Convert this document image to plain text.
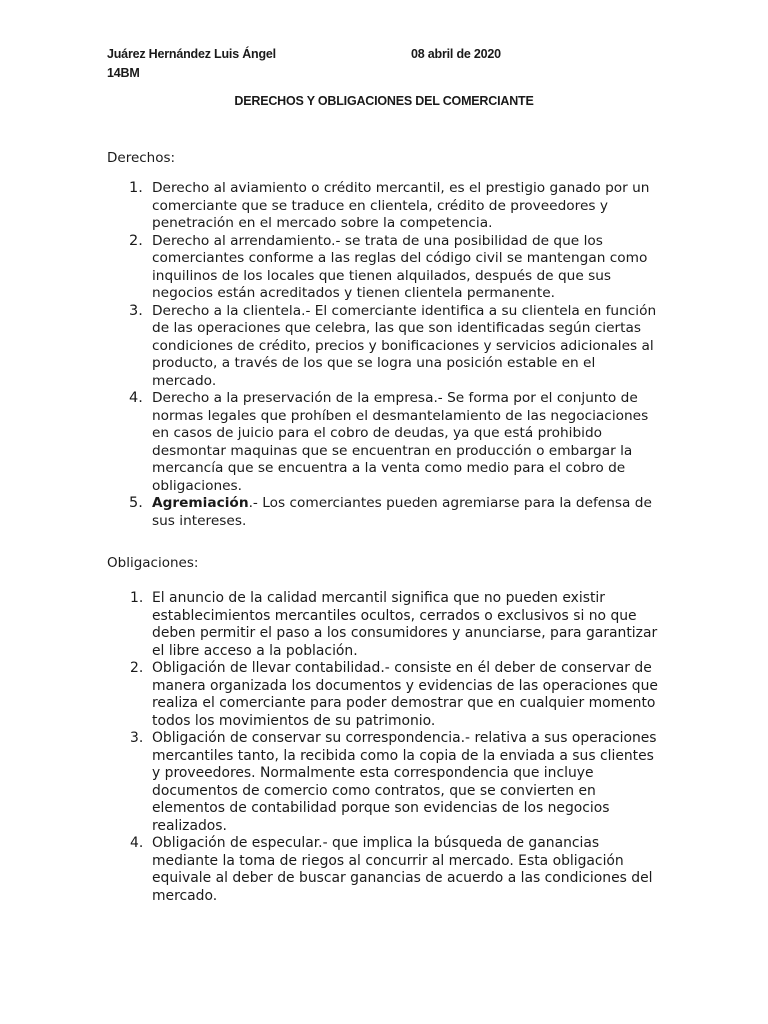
Juárez Hernández Luis Ángel
14BM
08 abril de 2020
DERECHOS Y OBLIGACIONES DEL COMERCIANTE
Derechos:
1. Derecho al aviamiento o crédito mercantil, es el prestigio ganado por un comerciante que se traduce en clientela, crédito de proveedores y penetración en el mercado sobre la competencia.
2. Derecho al arrendamiento.- se trata de una posibilidad de que los comerciantes conforme a las reglas del código civil se mantengan como inquilinos de los locales que tienen alquilados, después de que sus negocios están acreditados y tienen clientela permanente.
3. Derecho a la clientela.- El comerciante identifica a su clientela en función de las operaciones que celebra, las que son identificadas según ciertas condiciones de crédito, precios y bonificaciones y servicios adicionales al producto, a través de los que se logra una posición estable en el mercado.
4. Derecho a la preservación de la empresa.- Se forma por el conjunto de normas legales que prohíben el desmantelamiento de las negociaciones en casos de juicio para el cobro de deudas, ya que está prohibido desmontar maquinas que se encuentran en producción o embargar la mercancía que se encuentra a la venta como medio para el cobro de obligaciones.
5. Agremiación.- Los comerciantes pueden agremiarse para la defensa de sus intereses.
Obligaciones:
1. El anuncio de la calidad mercantil significa que no pueden existir establecimientos mercantiles ocultos, cerrados o exclusivos si no que deben permitir el paso a los consumidores y anunciarse, para garantizar el libre acceso a la población.
2. Obligación de llevar contabilidad.- consiste en él deber de conservar de manera organizada los documentos y evidencias de las operaciones que realiza el comerciante para poder demostrar que en cualquier momento todos los movimientos de su patrimonio.
3. Obligación de conservar su correspondencia.- relativa a sus operaciones mercantiles tanto, la recibida como la copia de la enviada a sus clientes y proveedores. Normalmente esta correspondencia que incluye documentos de comercio como contratos, que se convierten en elementos de contabilidad porque son evidencias de los negocios realizados.
4. Obligación de especular.- que implica la búsqueda de ganancias mediante la toma de riegos al concurrir al mercado. Esta obligación equivale al deber de buscar ganancias de acuerdo a las condiciones del mercado.
